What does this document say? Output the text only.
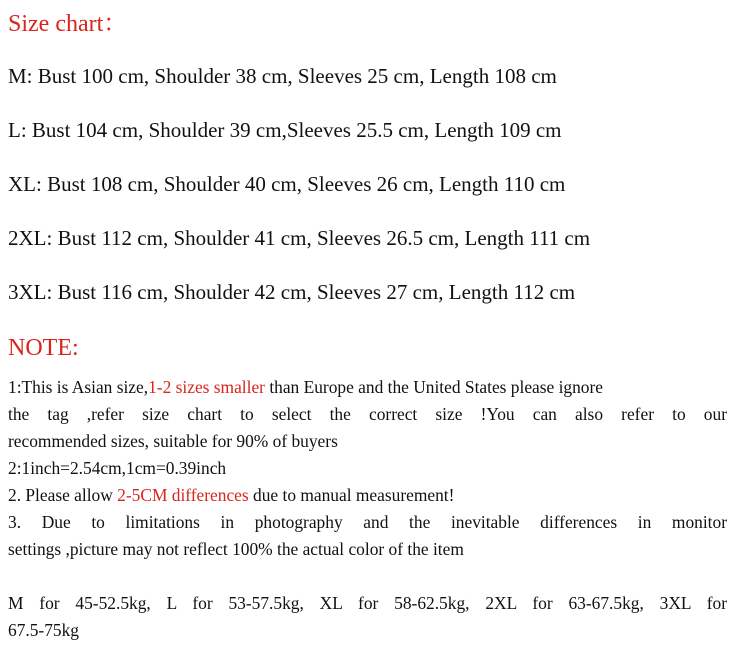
Size chart：
M: Bust 100 cm, Shoulder 38 cm, Sleeves 25 cm, Length 108 cm
L: Bust 104 cm, Shoulder 39 cm,Sleeves 25.5 cm, Length 109 cm
XL: Bust 108 cm, Shoulder 40 cm, Sleeves 26 cm, Length 110 cm
2XL: Bust 112 cm, Shoulder 41 cm, Sleeves 26.5 cm, Length 111 cm
3XL: Bust 116 cm, Shoulder 42 cm, Sleeves 27 cm, Length 112 cm
NOTE:
1:This is Asian size,1-2 sizes smaller than Europe and the United States please ignore
the tag ,refer size chart to select the correct size !You can also refer to our
recommended sizes, suitable for 90% of buyers
2:1inch=2.54cm,1cm=0.39inch
2. Please allow 2-5CM differences due to manual measurement!
3. Due to limitations in photography and the inevitable differences in monitor
settings ,picture may not reflect 100% the actual color of the item
M for 45-52.5kg, L for 53-57.5kg, XL for 58-62.5kg, 2XL for 63-67.5kg, 3XL for
67.5-75kg
